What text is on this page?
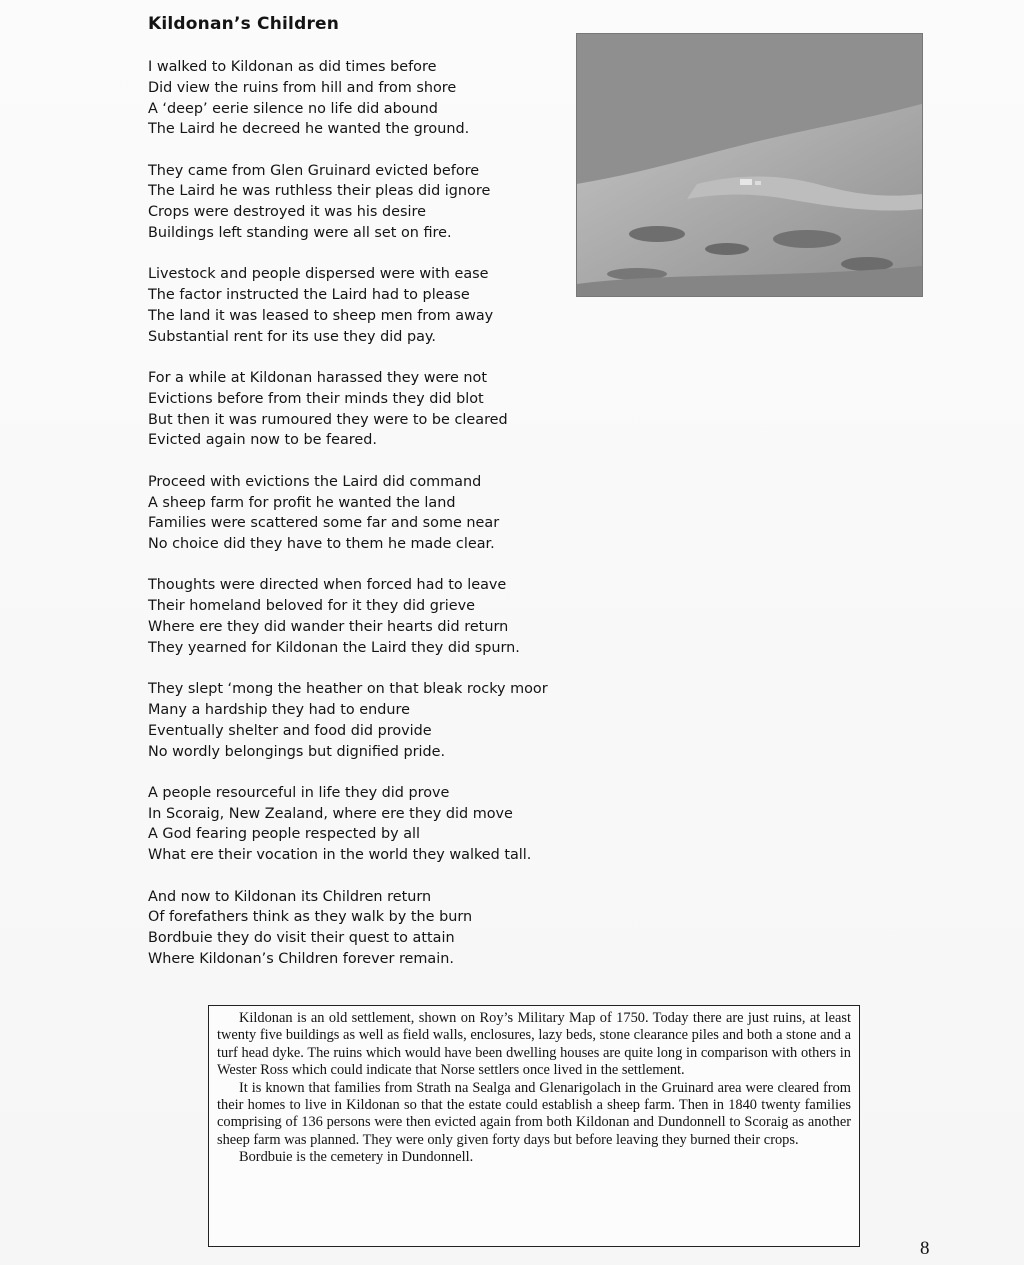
Kildonan’s Children
I walked to Kildonan as did times before
Did view the ruins from hill and from shore
A ‘deep’ eerie silence no life did abound
The Laird he decreed he wanted the ground.
They came from Glen Gruinard evicted before
The Laird he was ruthless their pleas did ignore
Crops were destroyed it was his desire
Buildings left standing were all set on fire.
Livestock and people dispersed were with ease
The factor instructed the Laird had to please
The land it was leased to sheep men from away
Substantial rent for its use they did pay.
For a while at Kildonan harassed they were not
Evictions before from their minds they did blot
But then it was rumoured they were to be cleared
Evicted again now to be feared.
Proceed with evictions the Laird did command
A sheep farm for profit he wanted the land
Families were scattered some far and some near
No choice did they have to them he made clear.
Thoughts were directed when forced had to leave
Their homeland beloved for it they did grieve
Where ere they did wander their hearts did return
They yearned for Kildonan the Laird they did spurn.
They slept ‘mong the heather on that bleak rocky moor
Many a hardship they had to endure
Eventually shelter and food did provide
No wordly belongings but dignified pride.
A people resourceful in life they did prove
In Scoraig, New Zealand, where ere they did move
A God fearing people respected by all
What ere their vocation in the world they walked tall.
And now to Kildonan its Children return
Of forefathers think as they walk by the burn
Bordbuie they do visit their quest to attain
Where Kildonan’s Children forever remain.

Kildonan is an old settlement, shown on Roy’s Military Map of 1750. Today there are just ruins, at least twenty five buildings as well as field walls, enclosures, lazy beds, stone clearance piles and both a stone and a turf head dyke. The ruins which would have been dwelling houses are quite long in comparison with others in Wester Ross which could indicate that Norse settlers once lived in the settlement.

It is known that families from Strath na Sealga and Glenarigolach in the Gruinard area were cleared from their homes to live in Kildonan so that the estate could establish a sheep farm. Then in 1840 twenty families comprising of 136 persons were then evicted again from both Kildonan and Dundonnell to Scoraig as another sheep farm was planned. They were only given forty days but before leaving they burned their crops.

Bordbuie is the cemetery in Dundonnell.

8
